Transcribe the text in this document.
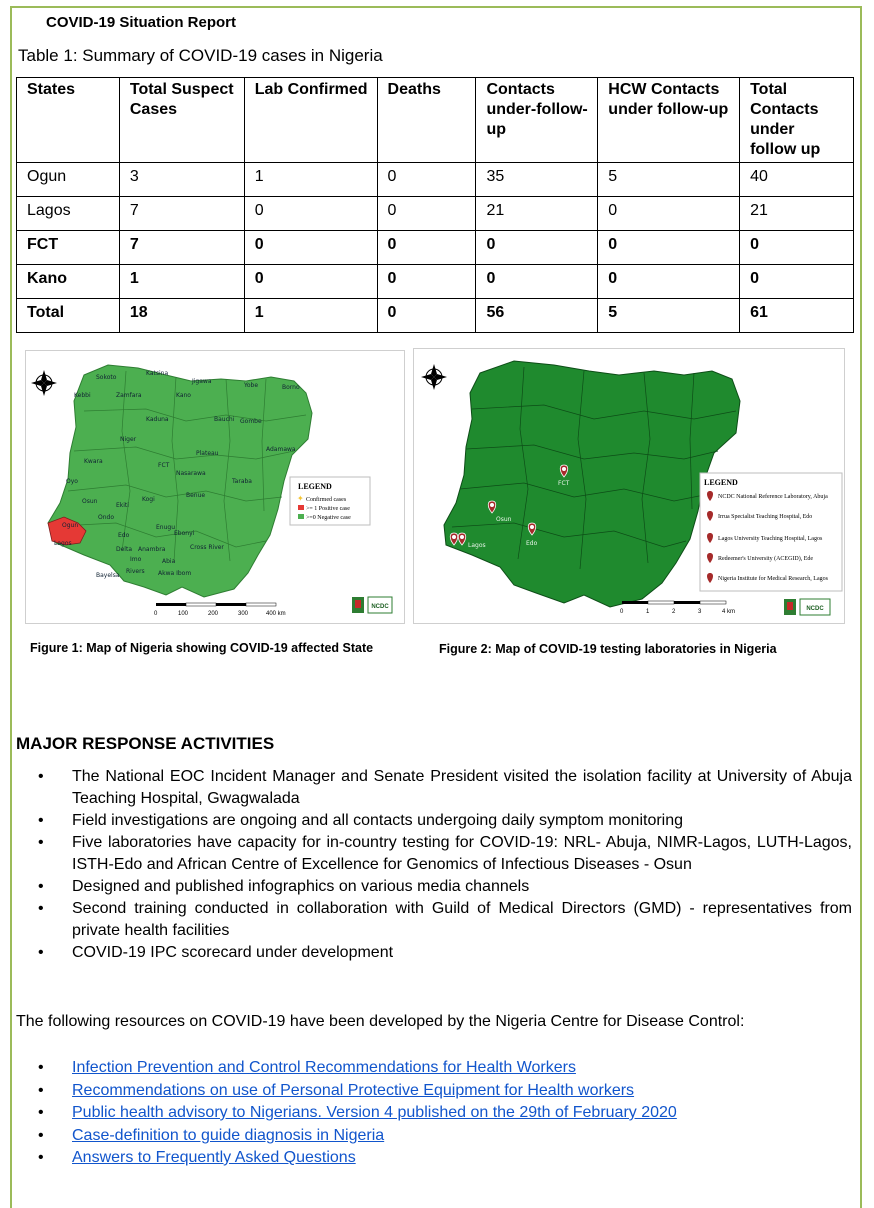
COVID-19 Situation Report
Table 1: Summary of COVID-19 cases in Nigeria
States	Total Suspect Cases	Lab Confirmed	Deaths	Contacts under-follow-up	HCW Contacts under follow-up	Total Contacts under follow up
Ogun	3	1	0	35	5	40
Lagos	7	0	0	21	0	21
FCT	7	0	0	0	0	0
Kano	1	0	0	0	0	0
Total	18	1	0	56	5	61
Sokoto
Katsina
Jigawa
Yobe	Borno
Kebbi	Zamfara	Kano
Kaduna	Bauchi Gombe
Niger
Plateau
Adamawa
Kwara
FCT
Nasarawa
Taraba
Oyo
Osun
Ekiti
Kogi
Benue
Ogun
Ondo
Edo
Enugu
Ebonyi
Lagos
Delta Anambra	Cross River
Imo	Abia
Bayelsa
Rivers Akwa Ibom
LEGEND
✦ Confirmed cases
>= 1 Positive case
>=0 Negative case
0	100	200	300	400 km
NCDC
Figure 1: Map of Nigeria showing COVID-19 affected State
FCT
Osun
Edo
Lagos
LEGEND
NCDC National Reference Laboratory, Abuja
Irrua Specialist Teaching Hospital, Edo
Lagos University Teaching Hospital, Lagos
Redeemer's University (ACEGID), Ede
Nigeria Institute for Medical Research, Lagos
0	1	2	3	4 km	NCDC
Figure 2: Map of COVID-19 testing laboratories in Nigeria
MAJOR RESPONSE ACTIVITIES
• The National EOC Incident Manager and Senate President visited the isolation facility at University of Abuja Teaching Hospital, Gwagwalada
• Field investigations are ongoing and all contacts undergoing daily symptom monitoring
• Five laboratories have capacity for in-country testing for COVID-19: NRL- Abuja, NIMR-Lagos, LUTH-Lagos, ISTH-Edo and African Centre of Excellence for Genomics of Infectious Diseases - Osun
• Designed and published infographics on various media channels
• Second training conducted in collaboration with Guild of Medical Directors (GMD) - representatives from private health facilities
• COVID-19 IPC scorecard under development
The following resources on COVID-19 have been developed by the Nigeria Centre for Disease Control:
• Infection Prevention and Control Recommendations for Health Workers
• Recommendations on use of Personal Protective Equipment for Health workers
• Public health advisory to Nigerians. Version 4 published on the 29th of February 2020
• Case-definition to guide diagnosis in Nigeria
• Answers to Frequently Asked Questions
